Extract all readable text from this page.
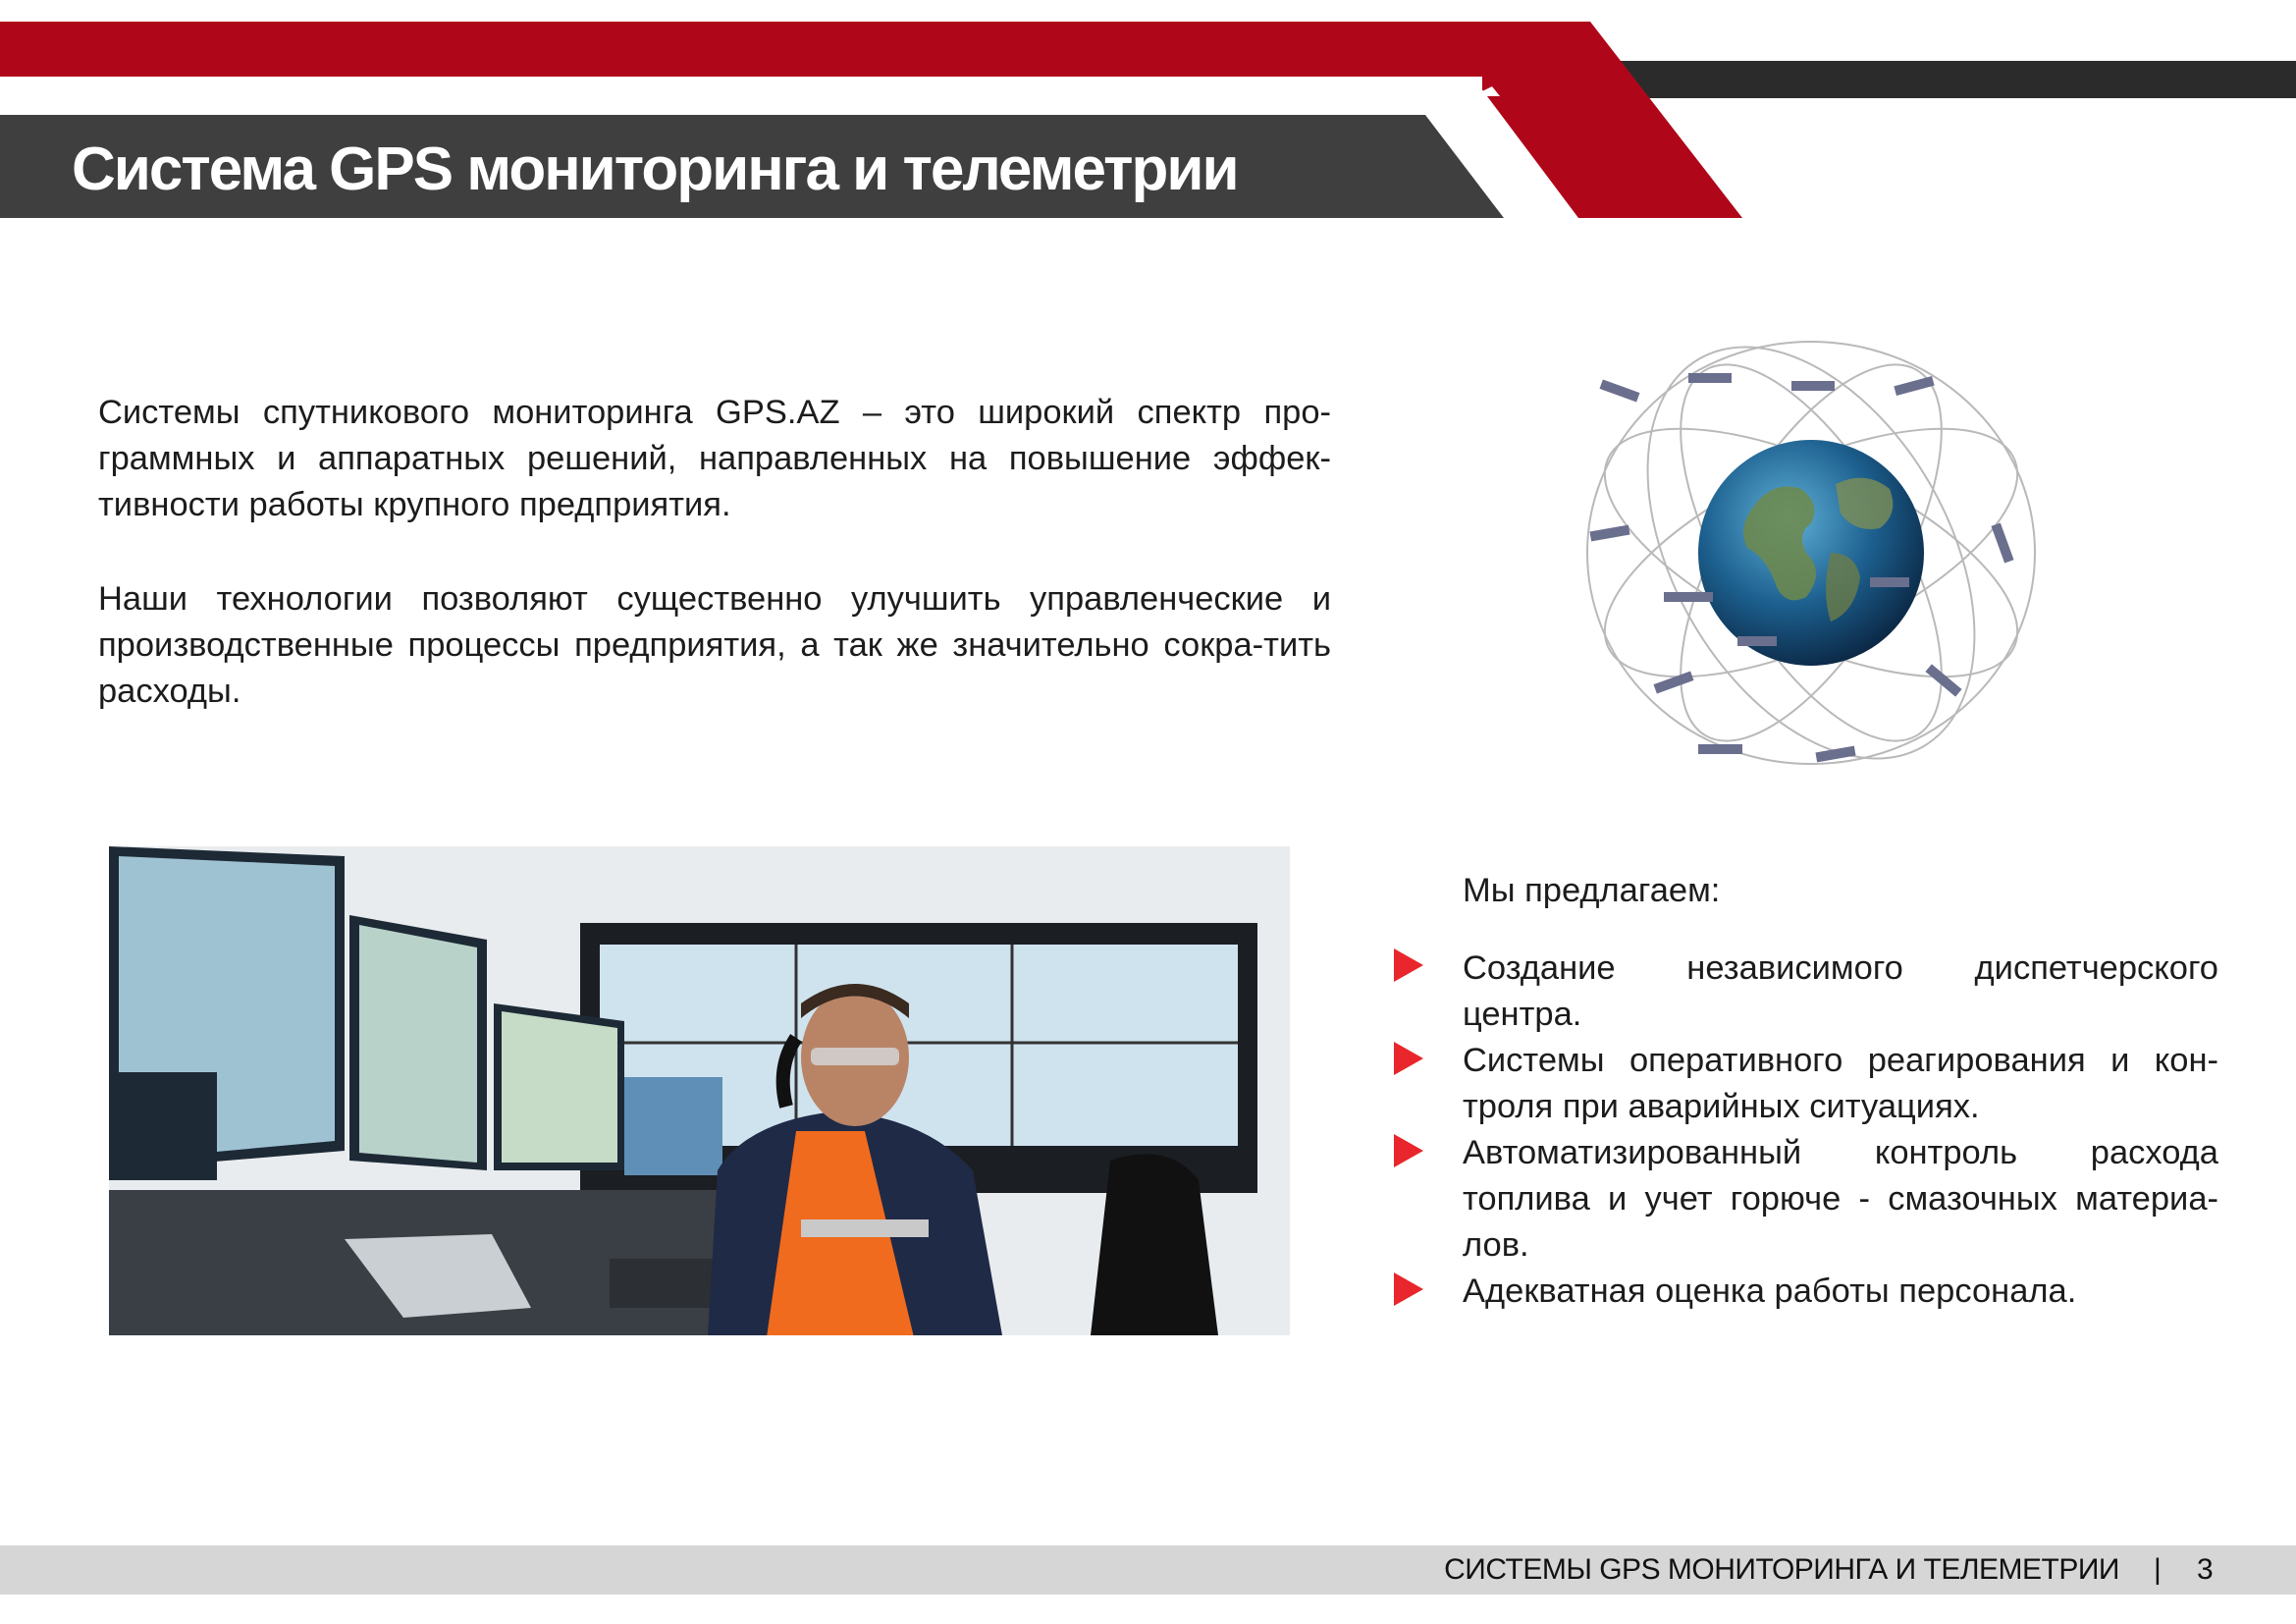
Система GPS мониторинга и телеметрии
Системы спутникового мониторинга GPS.AZ – это широкий спектр про-граммных и аппаратных решений, направленных на повышение эффек-тивности работы крупного предприятия.
Наши технологии позволяют существенно улучшить управленческие и производственные процессы предприятия, а так же значительно сокра-тить расходы.
Мы предлагаем:
Создание независимого диспетчерского центра.
Системы оперативного реагирования и кон-троля при аварийных ситуациях.
Автоматизированный контроль расхода топлива и учет горюче - смазочных материа-лов.
Адекватная оценка работы персонала.
СИСТЕМЫ GPS МОНИТОРИНГА И ТЕЛЕМЕТРИИ | 3
